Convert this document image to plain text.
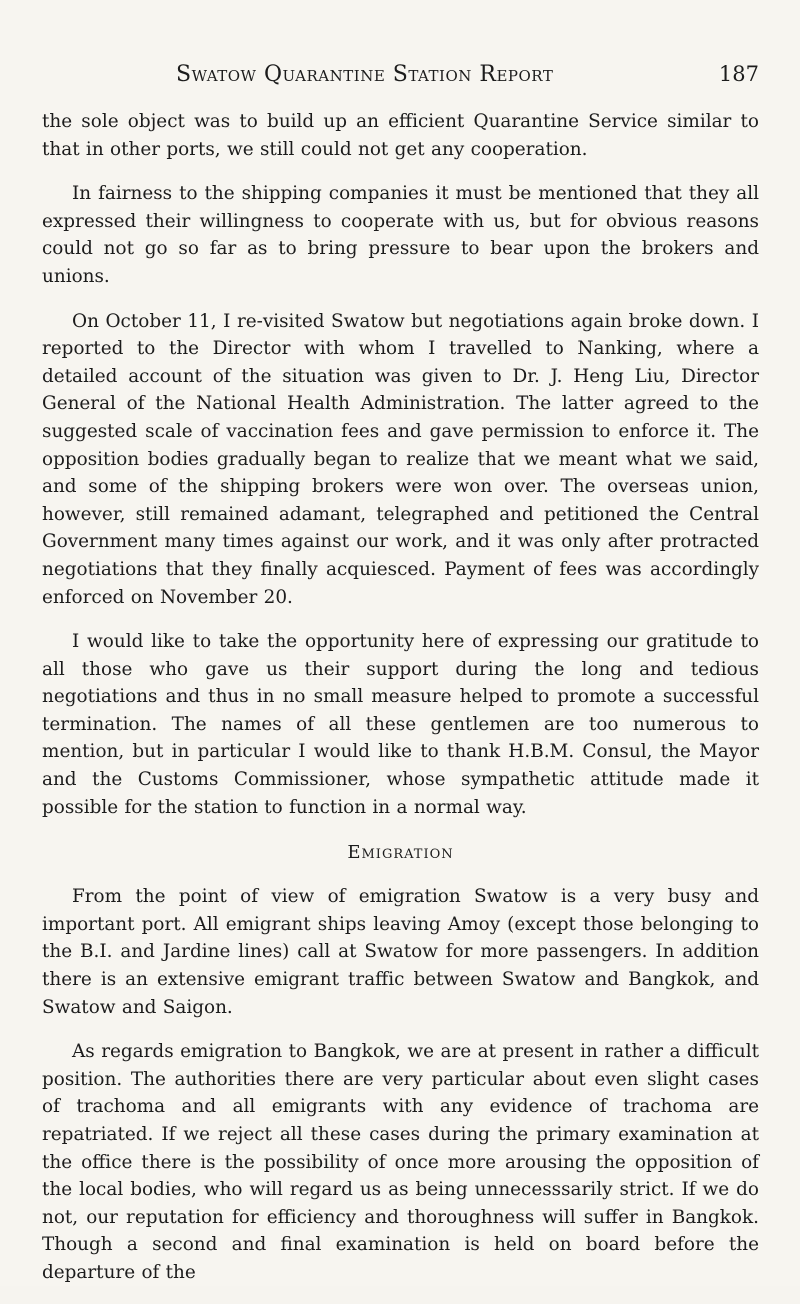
Swatow Quarantine Station Report	187

the sole object was to build up an efficient Quarantine Service similar to that in other ports, we still could not get any cooperation.

In fairness to the shipping companies it must be mentioned that they all expressed their willingness to cooperate with us, but for obvious reasons could not go so far as to bring pressure to bear upon the brokers and unions.

On October 11, I re-visited Swatow but negotiations again broke down. I reported to the Director with whom I travelled to Nanking, where a detailed account of the situation was given to Dr. J. Heng Liu, Director General of the National Health Administration. The latter agreed to the suggested scale of vaccination fees and gave permission to enforce it. The opposition bodies gradually began to realize that we meant what we said, and some of the shipping brokers were won over. The overseas union, however, still remained adamant, telegraphed and petitioned the Central Government many times against our work, and it was only after protracted negotiations that they finally acquiesced. Payment of fees was accordingly enforced on November 20.

I would like to take the opportunity here of expressing our gratitude to all those who gave us their support during the long and tedious negotiations and thus in no small measure helped to promote a successful termination. The names of all these gentlemen are too numerous to mention, but in particular I would like to thank H.B.M. Consul, the Mayor and the Customs Commissioner, whose sympathetic attitude made it possible for the station to function in a normal way.

Emigration

From the point of view of emigration Swatow is a very busy and important port. All emigrant ships leaving Amoy (except those belonging to the B.I. and Jardine lines) call at Swatow for more passengers. In addition there is an extensive emigrant traffic between Swatow and Bangkok, and Swatow and Saigon.

As regards emigration to Bangkok, we are at present in rather a difficult position. The authorities there are very particular about even slight cases of trachoma and all emigrants with any evidence of trachoma are repatriated. If we reject all these cases during the primary examination at the office there is the possibility of once more arousing the opposition of the local bodies, who will regard us as being unnecesssarily strict. If we do not, our reputation for efficiency and thoroughness will suffer in Bangkok. Though a second and final examination is held on board before the departure of the
